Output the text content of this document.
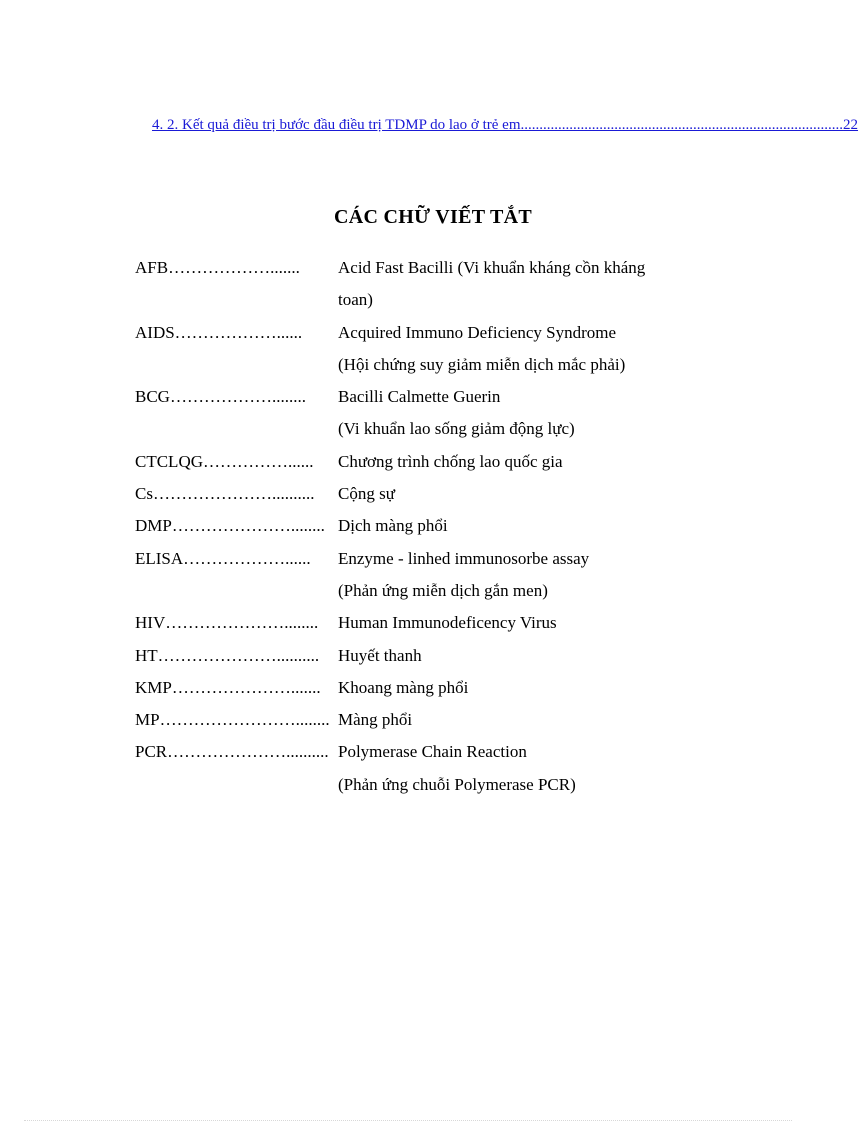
4. 2. Kết quả điều trị bước đầu điều trị TDMP do lao ở trẻ em ...................................................................................... 22
CÁC CHỮ VIẾT TẮT
AFB……………….......	Acid Fast Bacilli (Vi khuẩn kháng cồn kháng
toan)
AIDS………………......	Acquired Immuno Deficiency Syndrome
(Hội chứng suy giảm miễn dịch mắc phải)
BCG………………........	Bacilli Calmette Guerin
(Vi khuẩn lao sống giảm động lực)
CTCLQG……………......	Chương trình chống lao quốc gia
Cs…………………..........	Cộng sự
DMP…………………........ Dịch màng phổi
ELISA………………......	Enzyme - linhed immunosorbe assay
(Phản ứng miễn dịch gắn men)
HIV…………………........	Human Immunodeficency Virus
HT…………………..........	Huyết thanh
KMP………………….......	Khoang màng phổi
MP……………………........ Màng phổi
PCR………………….......... Polymerase Chain Reaction
(Phản ứng chuỗi Polymerase PCR)
